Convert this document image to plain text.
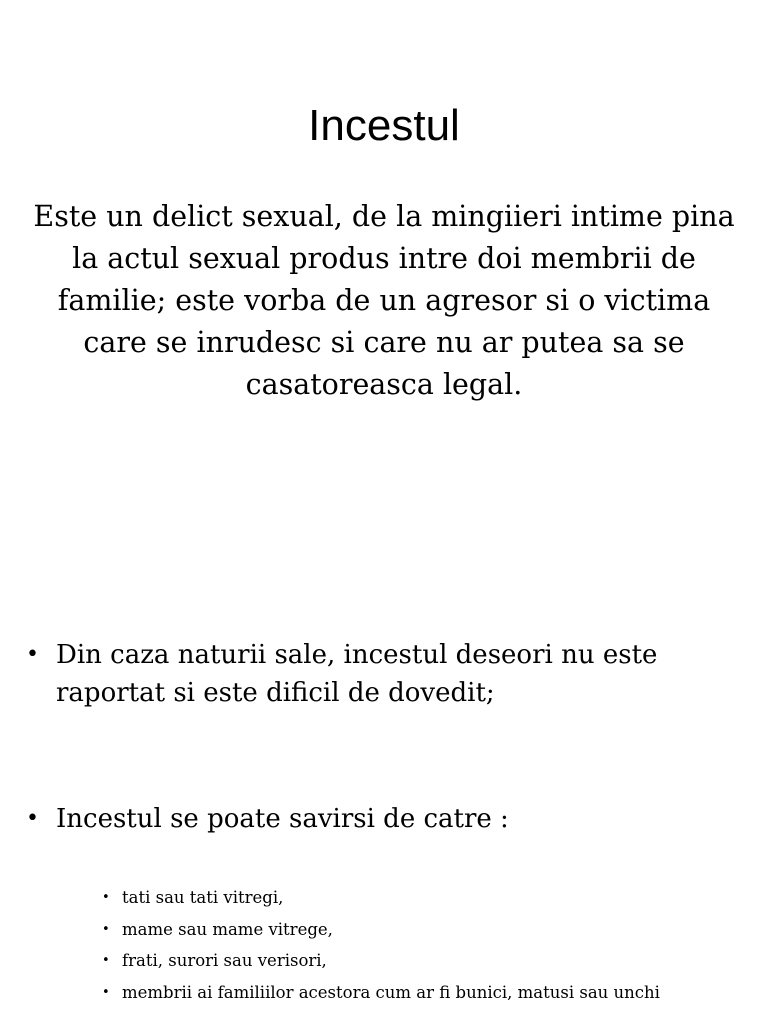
Incestul

Este un delict sexual, de la mingiieri intime pina la actul sexual produs intre doi membrii de familie; este vorba de un agresor si o victima care se inrudesc si care nu ar putea sa se casatoreasca legal.

• Din caza naturii sale, incestul deseori nu este raportat si este dificil de dovedit;
• Incestul se poate savirsi de catre :
• tati sau tati vitregi,
• mame sau mame vitrege,
• frati, surori sau verisori,
• membrii ai familiilor acestora cum ar fi bunici, matusi sau unchi
